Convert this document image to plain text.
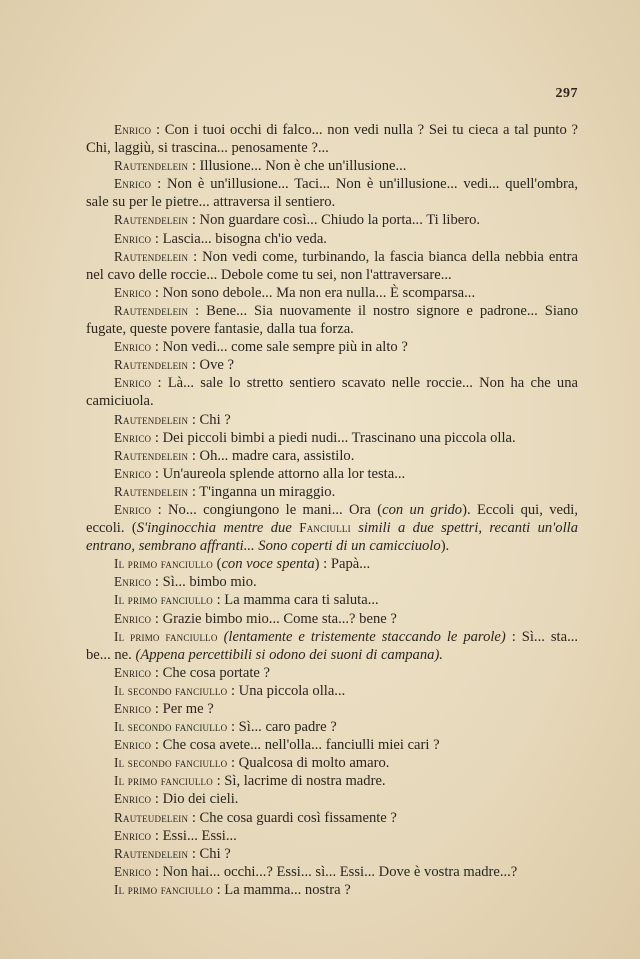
297

Enrico : Con i tuoi occhi di falco... non vedi nulla ? Sei tu cieca a tal punto ? Chi, laggiù, si trascina... penosamente ?...

Rautendelein : Illusione... Non è che un'illusione...

Enrico : Non è un'illusione... Taci... Non è un'illusione... vedi... quell'ombra, sale su per le pietre... attraversa il sentiero.

Rautendelein : Non guardare così... Chiudo la porta... Ti libero.

Enrico : Lascia... bisogna ch'io veda.

Rautendelein : Non vedi come, turbinando, la fascia bianca della nebbia entra nel cavo delle roccie... Debole come tu sei, non l'attraversare...

Enrico : Non sono debole... Ma non era nulla... È scomparsa...

Rautendelein : Bene... Sia nuovamente il nostro signore e padrone... Siano fugate, queste povere fantasie, dalla tua forza.

Enrico : Non vedi... come sale sempre più in alto ?

Rautendelein : Ove ?

Enrico : Là... sale lo stretto sentiero scavato nelle roccie... Non ha che una camiciuola.

Rautendelein : Chi ?

Enrico : Dei piccoli bimbi a piedi nudi... Trascinano una piccola olla.

Rautendelein : Oh... madre cara, assistilo.

Enrico : Un'aureola splende attorno alla lor testa...

Rautendelein : T'inganna un miraggio.

Enrico : No... congiungono le mani... Ora (con un grido). Eccoli qui, vedi, eccoli. (S'inginocchia mentre due Fanciulli simili a due spettri, recanti un'olla entrano, sembrano affranti... Sono coperti di un camicciuolo).

Il primo fanciullo (con voce spenta) : Papà...

Enrico : Sì... bimbo mio.

Il primo fanciullo : La mamma cara ti saluta...

Enrico : Grazie bimbo mio... Come sta...? bene ?

Il primo fanciullo (lentamente e tristemente staccando le parole) : Sì... sta... be... ne. (Appena percettibili si odono dei suoni di campana).

Enrico : Che cosa portate ?

Il secondo fanciullo : Una piccola olla...

Enrico : Per me ?

Il secondo fanciullo : Sì... caro padre ?

Enrico : Che cosa avete... nell'olla... fanciulli miei cari ?

Il secondo fanciullo : Qualcosa di molto amaro.

Il primo fanciullo : Sì, lacrime di nostra madre.

Enrico : Dio dei cieli.

Rauteudelein : Che cosa guardi così fissamente ?

Enrico : Essi... Essi...

Rautendelein : Chi ?

Enrico : Non hai... occhi...? Essi... sì... Essi... Dove è vostra madre...?

Il primo fanciullo : La mamma... nostra ?
